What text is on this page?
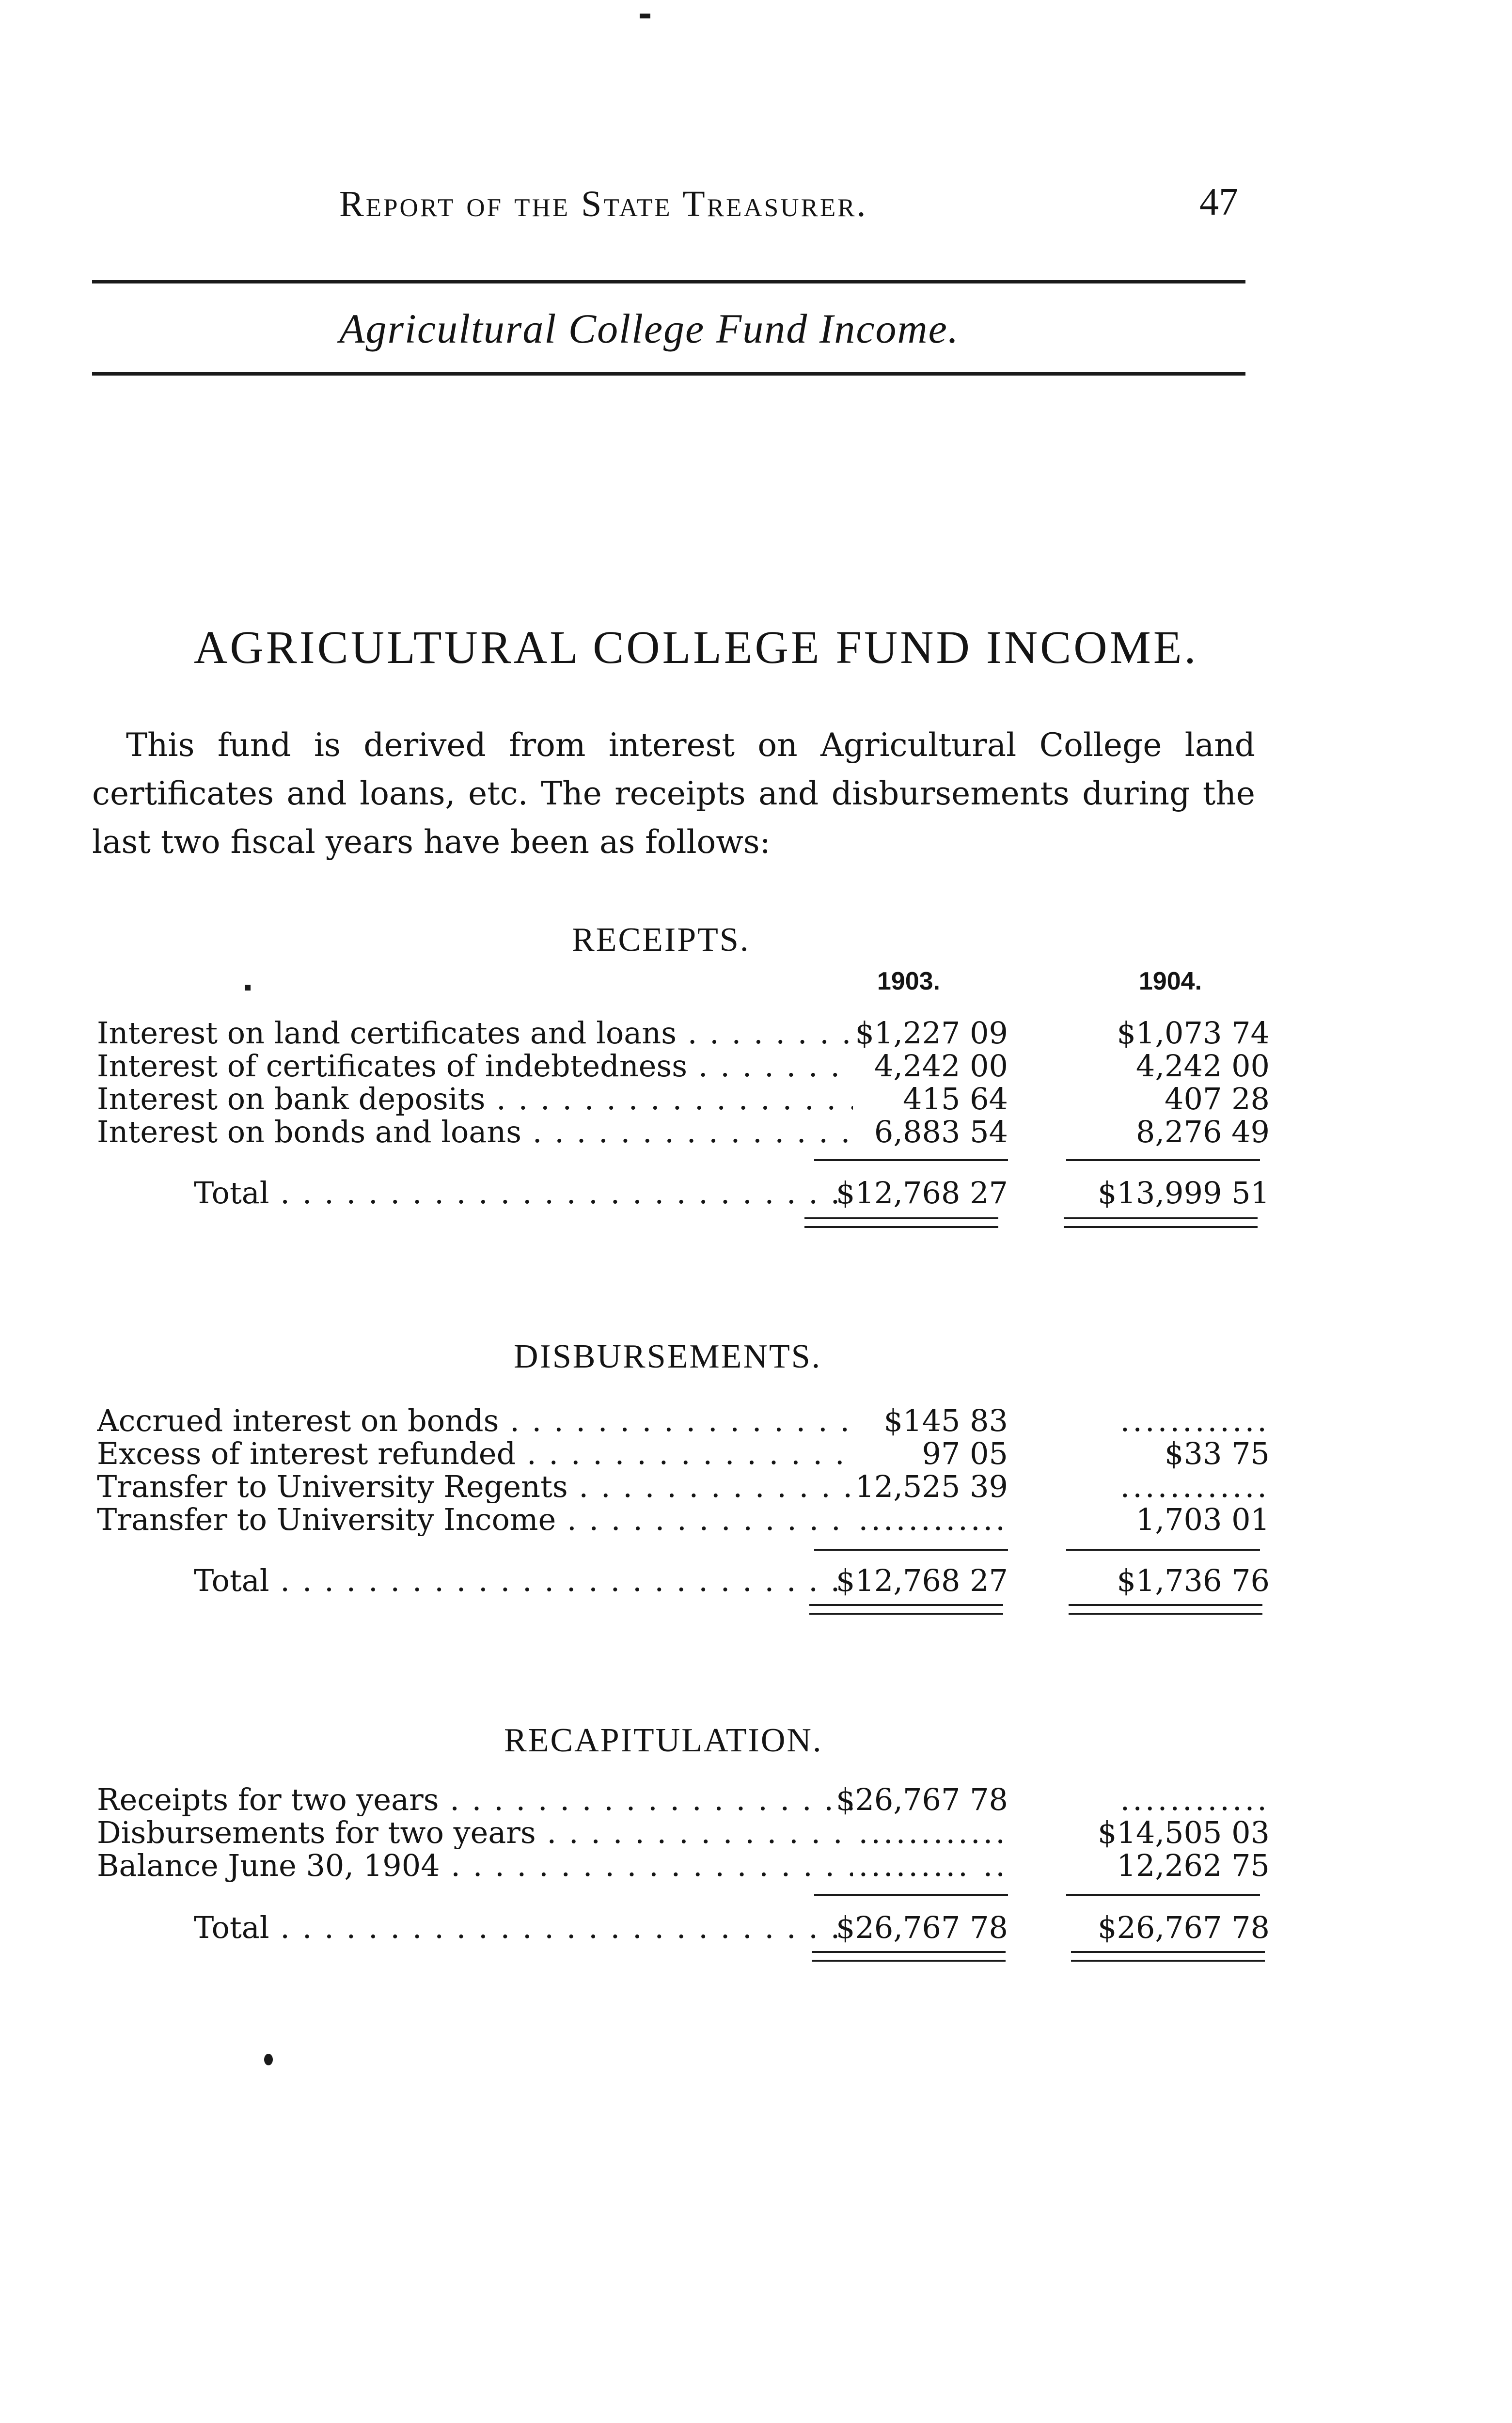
Report of the State Treasurer.	47
Agricultural College Fund Income.
AGRICULTURAL COLLEGE FUND INCOME.

This fund is derived from interest on Agricultural College land certificates and loans, etc. The receipts and disbursements during the last two fiscal years have been as follows:

RECEIPTS.
1903.	1904.
Interest on land certificates and loans . . .	$1,227 09	$1,073 74
Interest of certificates of indebtedness . . .	4,242 00	4,242 00
Interest on bank deposits . . .	415 64	407 28
Interest on bonds and loans . . .	6,883 54	8,276 49
Total . . .	$12,768 27	$13,999 51
DISBURSEMENTS.
Accrued interest on bonds . . .	$145 83	............
Excess of interest refunded . . .	97 05	$33 75
Transfer to University Regents . . .	12,525 39	............
Transfer to University Income . . .	............	1,703 01
Total . . .	$12,768 27	$1,736 76
RECAPITULATION.
Receipts for two years . . .	$26,767 78	............
Disbursements for two years . . .	............	$14,505 03
Balance June 30, 1904 . . .	......... ..	12,262 75
Total . . .	$26,767 78	$26,767 78
